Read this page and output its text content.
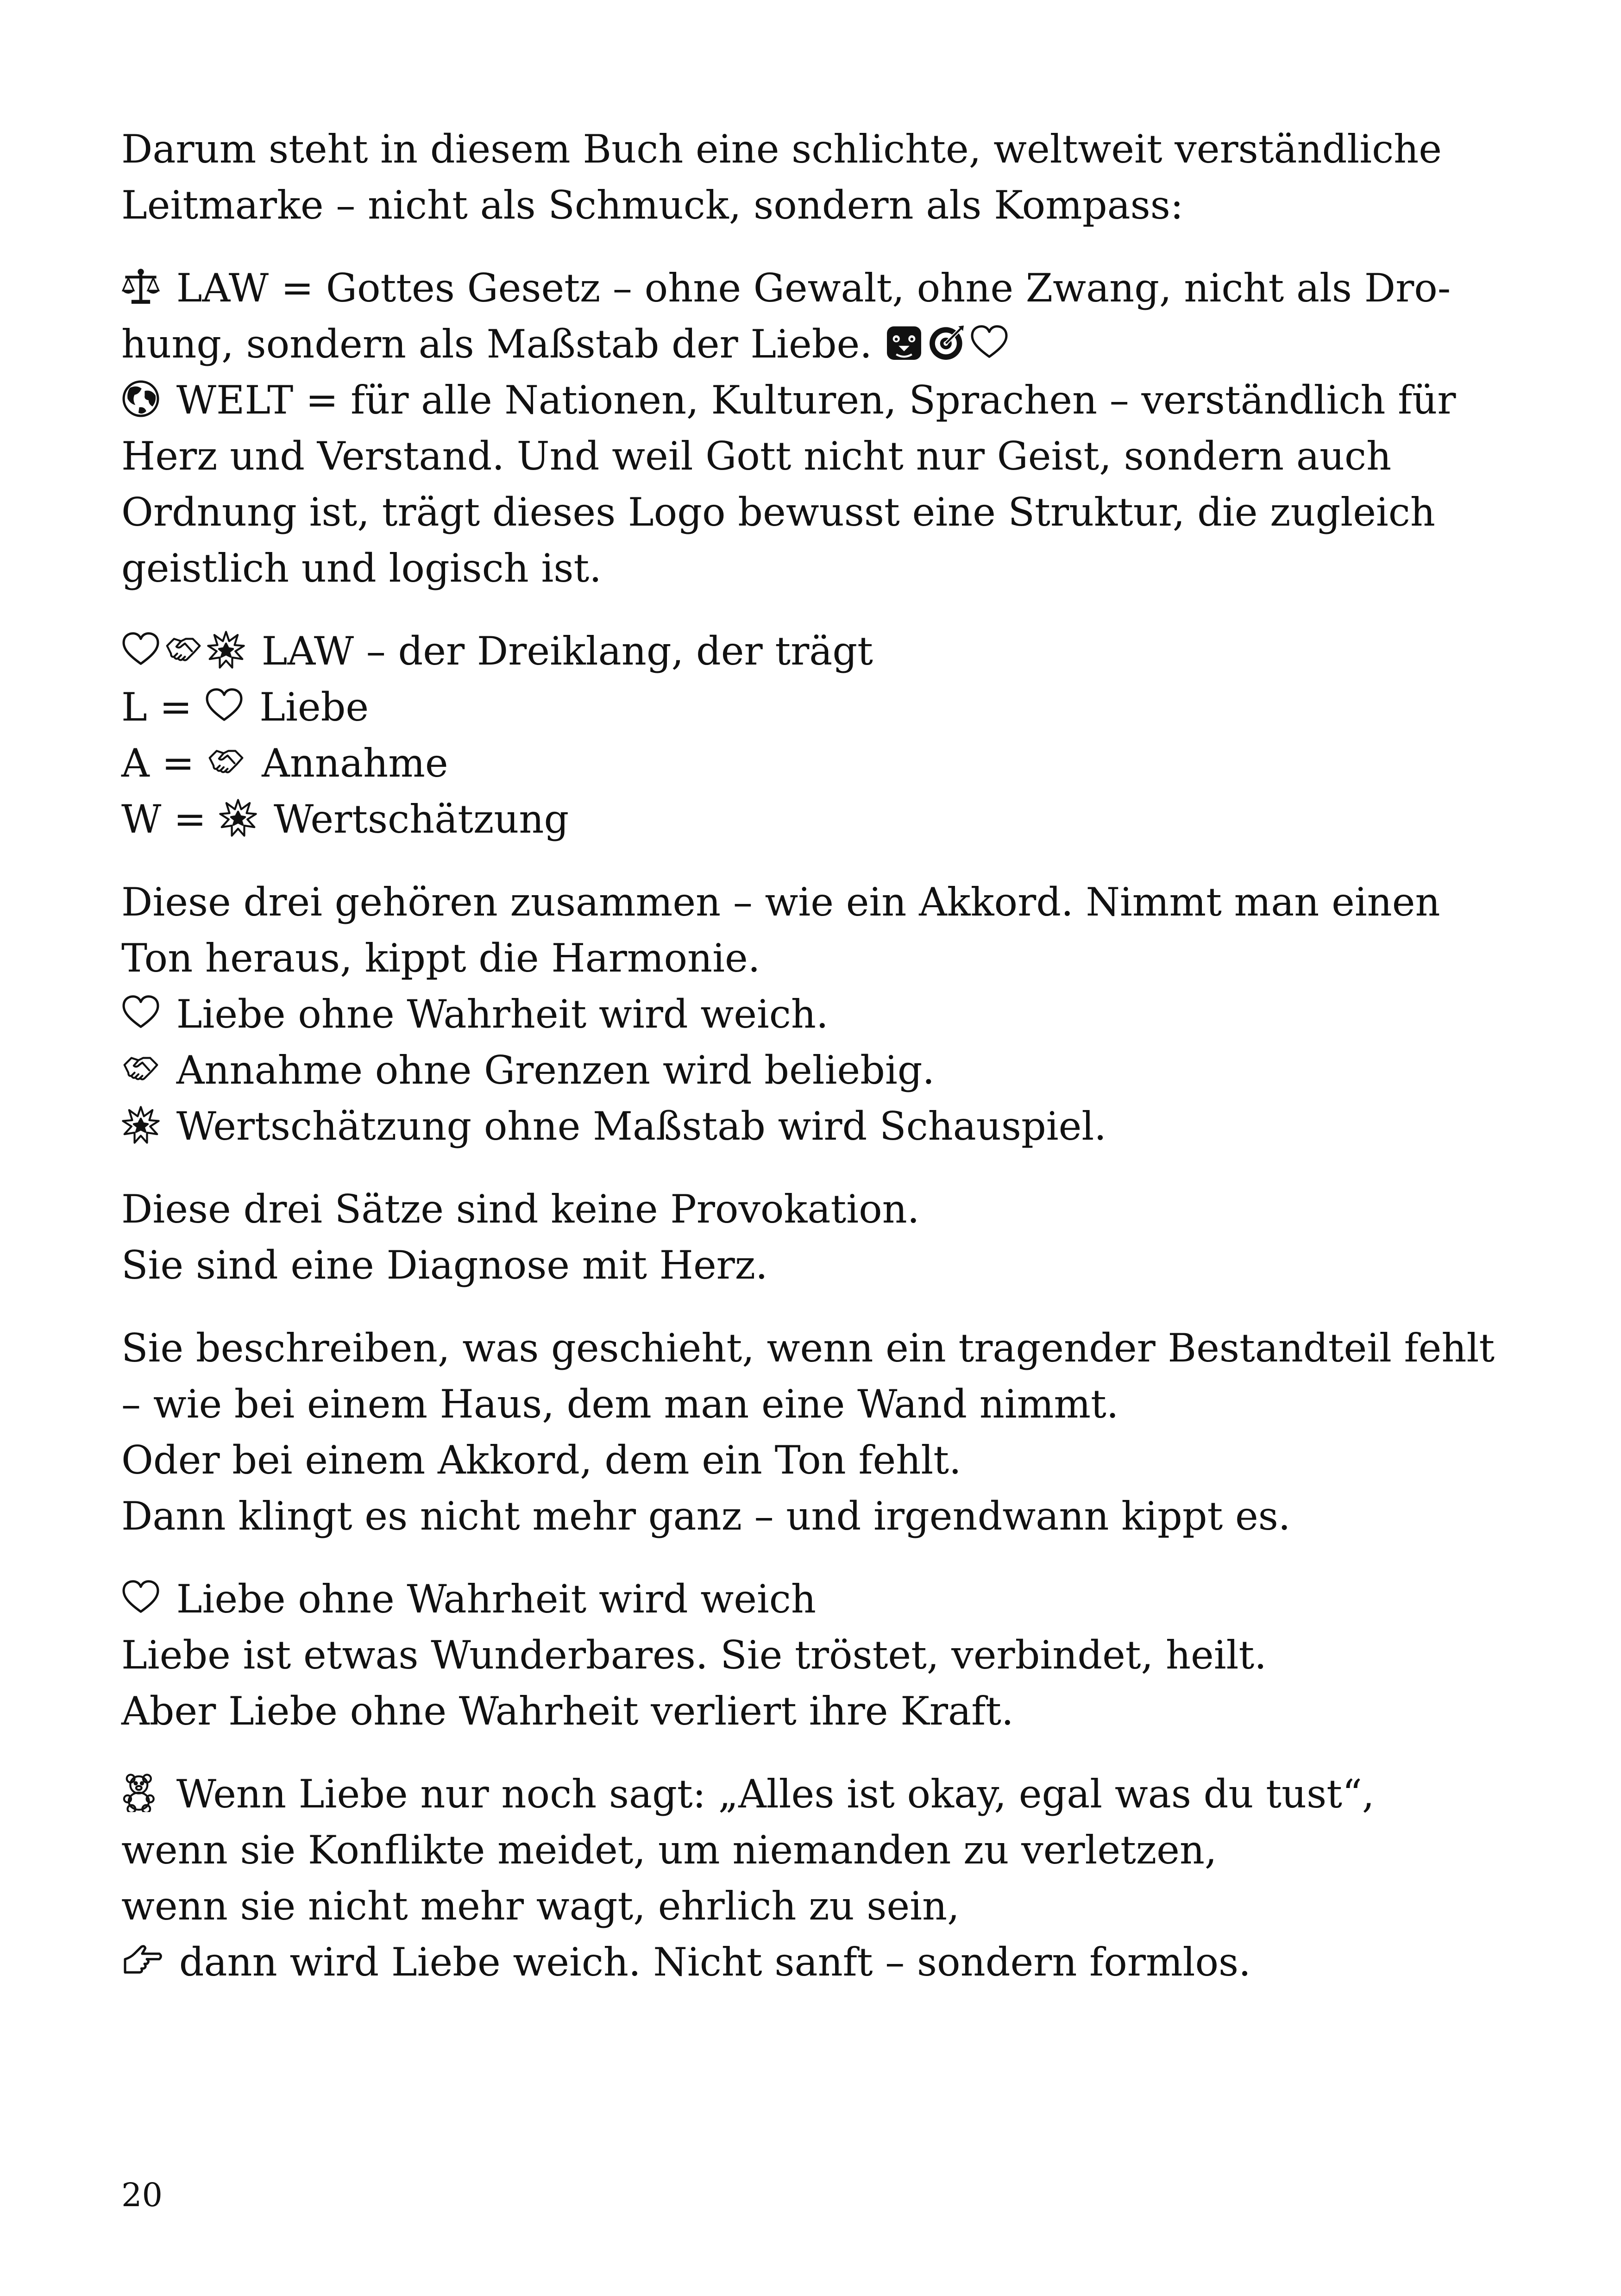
Darum steht in diesem Buch eine schlichte, weltweit verständliche

Leitmarke – nicht als Schmuck, sondern als Kompass:

LAW = Gottes Gesetz – ohne Gewalt, ohne Zwang, nicht als Dro-

hung, sondern als Maßstab der Liebe.

WELT = für alle Nationen, Kulturen, Sprachen – verständlich für

Herz und Verstand. Und weil Gott nicht nur Geist, sondern auch

Ordnung ist, trägt dieses Logo bewusst eine Struktur, die zugleich

geistlich und logisch ist.

LAW – der Dreiklang, der trägt

L = Liebe

A = Annahme

W = Wertschätzung

Diese drei gehören zusammen – wie ein Akkord. Nimmt man einen

Ton heraus, kippt die Harmonie.

Liebe ohne Wahrheit wird weich.

Annahme ohne Grenzen wird beliebig.

Wertschätzung ohne Maßstab wird Schauspiel.

Diese drei Sätze sind keine Provokation.

Sie sind eine Diagnose mit Herz.

Sie beschreiben, was geschieht, wenn ein tragender Bestandteil fehlt

– wie bei einem Haus, dem man eine Wand nimmt.

Oder bei einem Akkord, dem ein Ton fehlt.

Dann klingt es nicht mehr ganz – und irgendwann kippt es.

Liebe ohne Wahrheit wird weich

Liebe ist etwas Wunderbares. Sie tröstet, verbindet, heilt.

Aber Liebe ohne Wahrheit verliert ihre Kraft.

Wenn Liebe nur noch sagt: „Alles ist okay, egal was du tust“,

wenn sie Konflikte meidet, um niemanden zu verletzen,

wenn sie nicht mehr wagt, ehrlich zu sein,

dann wird Liebe weich. Nicht sanft – sondern formlos.

20
